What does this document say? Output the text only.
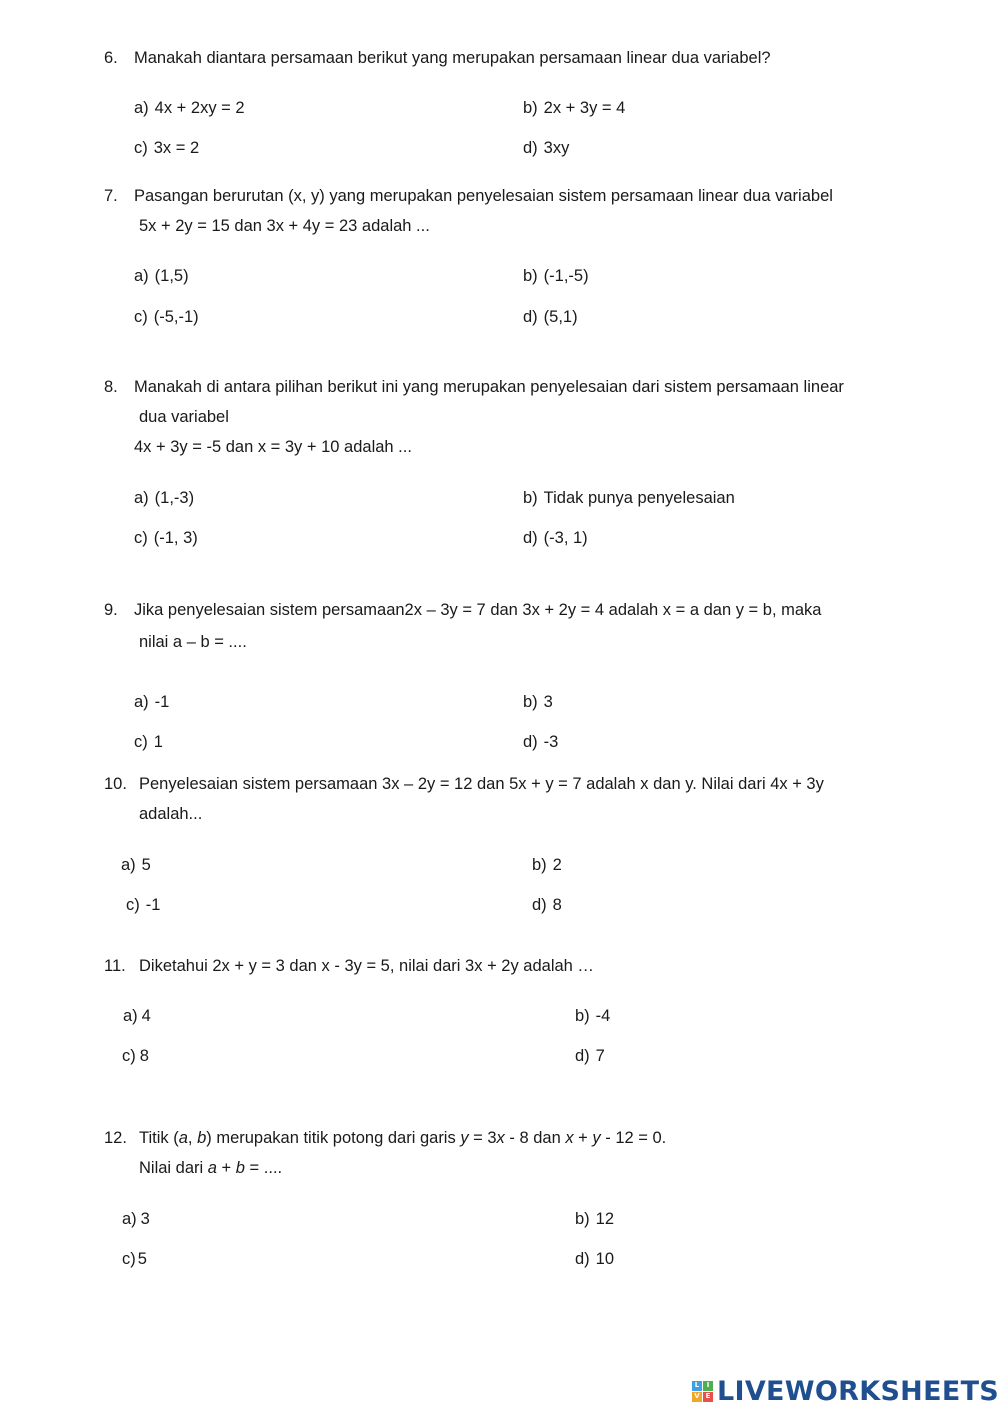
6. Manakah diantara persamaan berikut yang merupakan persamaan linear dua variabel?
a) 4x + 2xy = 2	b) 2x + 3y = 4
c) 3x = 2	d) 3xy
7. Pasangan berurutan (x, y) yang merupakan penyelesaian sistem persamaan linear dua variabel
5x + 2y = 15 dan 3x + 4y = 23 adalah ...
a) (1,5)	b) (-1,-5)
c) (-5,-1)	d) (5,1)
8. Manakah di antara pilihan berikut ini yang merupakan penyelesaian dari sistem persamaan linear
dua variabel
4x + 3y = -5 dan x = 3y + 10 adalah ...
a) (1,-3)	b) Tidak punya penyelesaian
c) (-1, 3)	d) (-3, 1)
9. Jika penyelesaian sistem persamaan2x – 3y = 7 dan 3x + 2y = 4 adalah x = a dan y = b, maka
nilai a – b = ....
a) -1	b) 3
c) 1	d) -3
10. Penyelesaian sistem persamaan 3x – 2y = 12 dan 5x + y = 7 adalah x dan y. Nilai dari 4x + 3y
adalah...
a) 5	b) 2
c) -1	d) 8
11. Diketahui 2x + y = 3 dan x - 3y = 5, nilai dari 3x + 2y adalah …
a) 4	b) -4
c) 8	d) 7
12. Titik (a, b) merupakan titik potong dari garis y = 3x - 8 dan x + y - 12 = 0.
Nilai dari a + b = ....
a) 3	b) 12
c) 5	d) 10
L	I
V E LIVEWORKSHEETS
